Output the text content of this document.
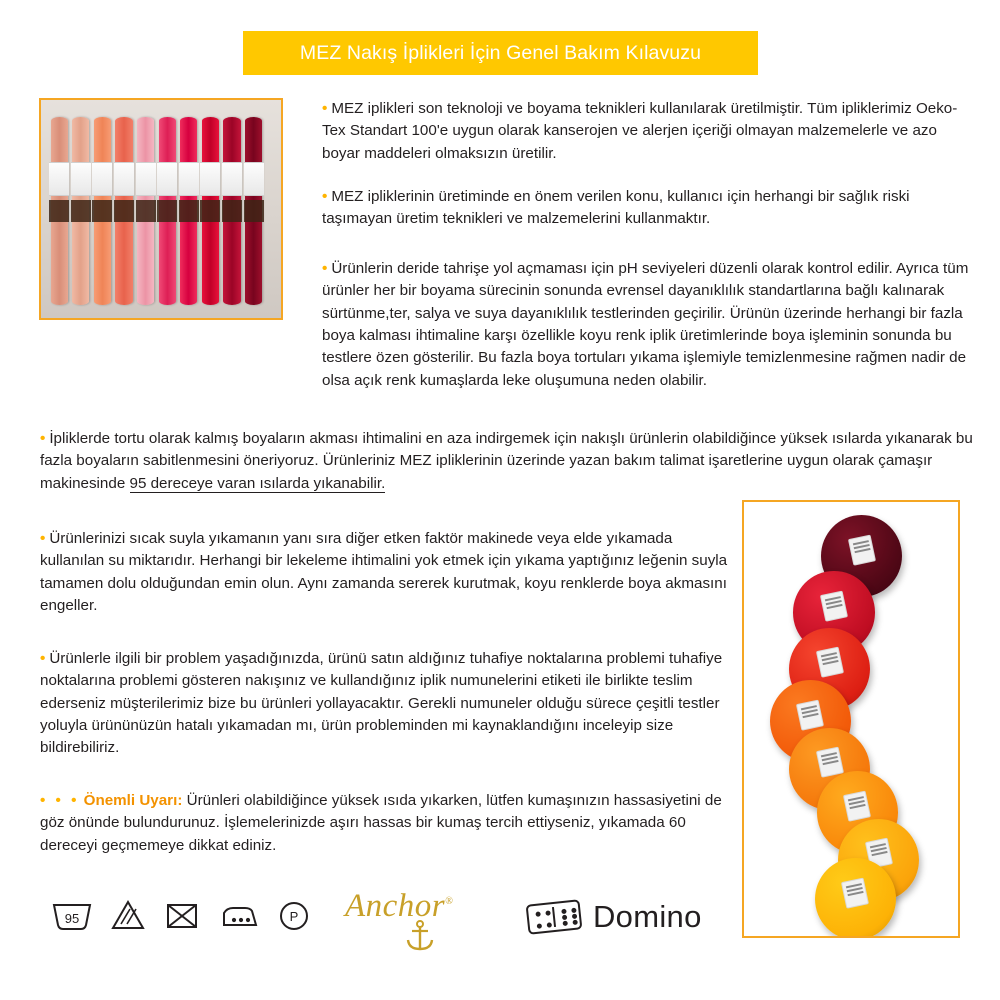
MEZ Nakış İplikleri İçin Genel Bakım Kılavuzu
• MEZ iplikleri son teknoloji ve boyama teknikleri kullanılarak üretilmiştir. Tüm ipliklerimiz Oeko-Tex Standart 100'e uygun olarak kanserojen ve alerjen içeriği olmayan malzemelerle ve azo boyar maddeleri olmaksızın üretilir.
• MEZ ipliklerinin üretiminde en önem verilen konu, kullanıcı için herhangi bir sağlık riski taşımayan üretim teknikleri ve malzemelerini kullanmaktır.
• Ürünlerin deride tahrişe yol açmaması için pH seviyeleri düzenli olarak kontrol edilir. Ayrıca tüm ürünler her bir boyama sürecinin sonunda evrensel dayanıklılık standartlarına bağlı kalınarak sürtünme,ter, salya ve suya dayanıklılık testlerinden geçirilir. Ürünün üzerinde herhangi bir fazla boya kalması ihtimaline karşı özellikle koyu renk iplik üretimlerinde boya işleminin sonunda bu testlere özen gösterilir. Bu fazla boya tortuları yıkama işlemiyle temizlenmesine rağmen nadir de olsa açık renk kumaşlarda leke oluşumuna neden olabilir.
• İpliklerde tortu olarak kalmış boyaların akması ihtimalini en aza indirgemek için nakışlı ürünlerin olabildiğince yüksek ısılarda yıkanarak bu fazla boyaların sabitlenmesini öneriyoruz. Ürünleriniz MEZ ipliklerinin üzerinde yazan bakım talimat işaretlerine uygun olarak çamaşır makinesinde 95 dereceye varan ısılarda yıkanabilir.
• Ürünlerinizi sıcak suyla yıkamanın yanı sıra diğer etken faktör makinede veya elde yıkamada kullanılan su miktarıdır. Herhangi bir lekeleme ihtimalini yok etmek için yıkama yaptığınız leğenin suyla tamamen dolu olduğundan emin olun. Aynı zamanda sererek kurutmak, koyu renklerde boya akmasını engeller.
• Ürünlerle ilgili bir problem yaşadığınızda, ürünü satın aldığınız tuhafiye noktalarına problemi tuhafiye noktalarına problemi gösteren nakışınız ve kullandığınız iplik numunelerini etiketi ile birlikte teslim ederseniz müşterilerimiz bize bu ürünleri yollayacaktır. Gerekli numuneler olduğu sürece çeşitli testler yoluyla ürününüzün hatalı yıkamadan mı, ürün probleminden mi kaynaklandığını inceleyip size bildirebiliriz.
• • • Önemli Uyarı: Ürünleri olabildiğince yüksek ısıda yıkarken, lütfen kumaşınızın hassasiyetini de göz önünde bulundurunuz. İşlemelerinizde aşırı hassas bir kumaş tercih ettiyseniz, yıkamada 60 dereceyi geçmemeye dikkat ediniz.
95	P Anchor®	Domino
